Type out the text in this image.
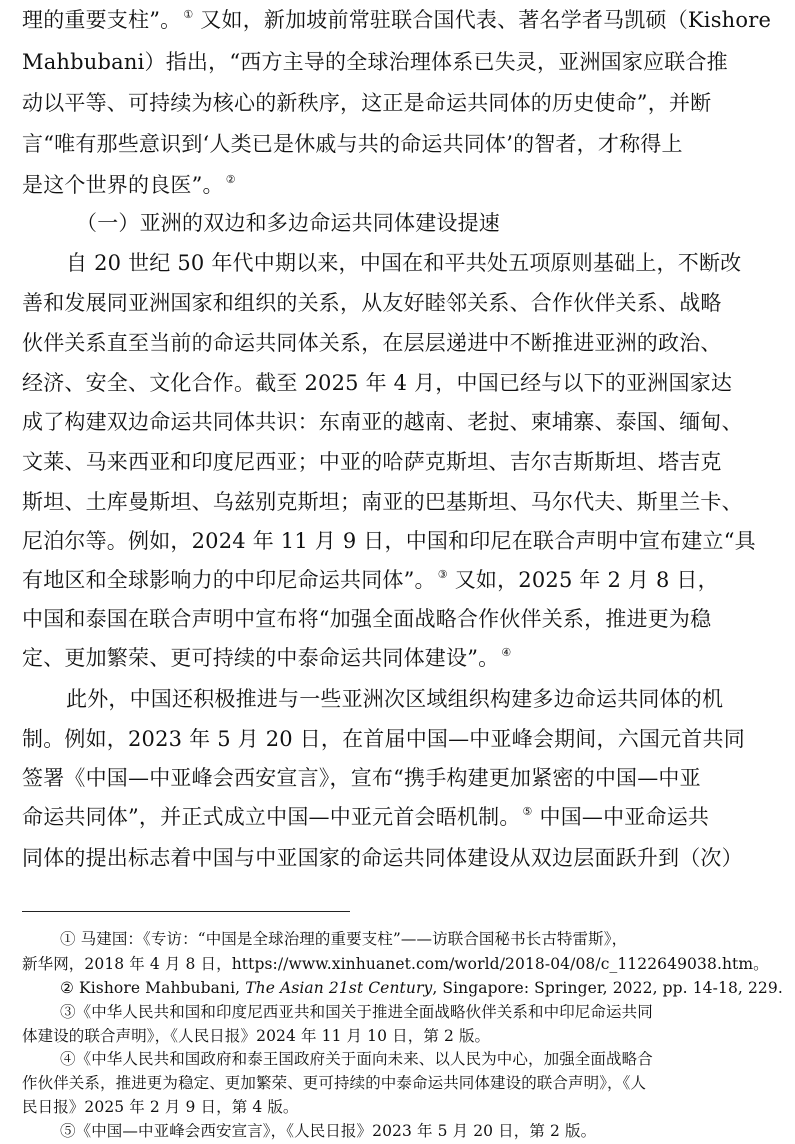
理的重要支柱”。 ① 又如，新加坡前常驻联合国代表、著名学者马凯硕（Kishore
Mahbubani）指出，“西方主导的全球治理体系已失灵，亚洲国家应联合推
动以平等、可持续为核心的新秩序，这正是命运共同体的历史使命”，并断
言“唯有那些意识到‘人类已是休戚与共的命运共同体’的智者，才称得上
是这个世界的良医”。 ②
（一）亚洲的双边和多边命运共同体建设提速
自 20 世纪 50 年代中期以来，中国在和平共处五项原则基础上，不断改
善和发展同亚洲国家和组织的关系，从友好睦邻关系、合作伙伴关系、战略
伙伴关系直至当前的命运共同体关系，在层层递进中不断推进亚洲的政治、
经济、安全、文化合作。截至 2025 年 4 月，中国已经与以下的亚洲国家达
成了构建双边命运共同体共识：东南亚的越南、老挝、柬埔寨、泰国、缅甸、
文莱、马来西亚和印度尼西亚；中亚的哈萨克斯坦、吉尔吉斯斯坦、塔吉克
斯坦、土库曼斯坦、乌兹别克斯坦；南亚的巴基斯坦、马尔代夫、斯里兰卡、
尼泊尔等。例如，2024 年 11 月 9 日，中国和印尼在联合声明中宣布建立“具
有地区和全球影响力的中印尼命运共同体”。 ③ 又如，2025 年 2 月 8 日，
中国和泰国在联合声明中宣布将“加强全面战略合作伙伴关系，推进更为稳
定、更加繁荣、更可持续的中泰命运共同体建设”。 ④
此外，中国还积极推进与一些亚洲次区域组织构建多边命运共同体的机
制。例如，2023 年 5 月 20 日，在首届中国—中亚峰会期间，六国元首共同
签署《中国—中亚峰会西安宣言》，宣布“携手构建更加紧密的中国—中亚
命运共同体”，并正式成立中国—中亚元首会晤机制。 ⑤ 中国—中亚命运共
同体的提出标志着中国与中亚国家的命运共同体建设从双边层面跃升到（次）
① 马建国：《专访：“中国是全球治理的重要支柱”——访联合国秘书长古特雷斯》，
新华网，2018 年 4 月 8 日，https://www.xinhuanet.com/world/2018-04/08/c_1122649038.htm。
② Kishore Mahbubani, The Asian 21st Century, Singapore: Springer, 2022, pp. 14-18, 229.
③《中华人民共和国和印度尼西亚共和国关于推进全面战略伙伴关系和中印尼命运共同
体建设的联合声明》，《人民日报》2024 年 11 月 10 日，第 2 版。
④《中华人民共和国政府和泰王国政府关于面向未来、以人民为中心，加强全面战略合
作伙伴关系，推进更为稳定、更加繁荣、更可持续的中泰命运共同体建设的联合声明》，《人
民日报》2025 年 2 月 9 日，第 4 版。
⑤《中国—中亚峰会西安宣言》，《人民日报》2023 年 5 月 20 日，第 2 版。
